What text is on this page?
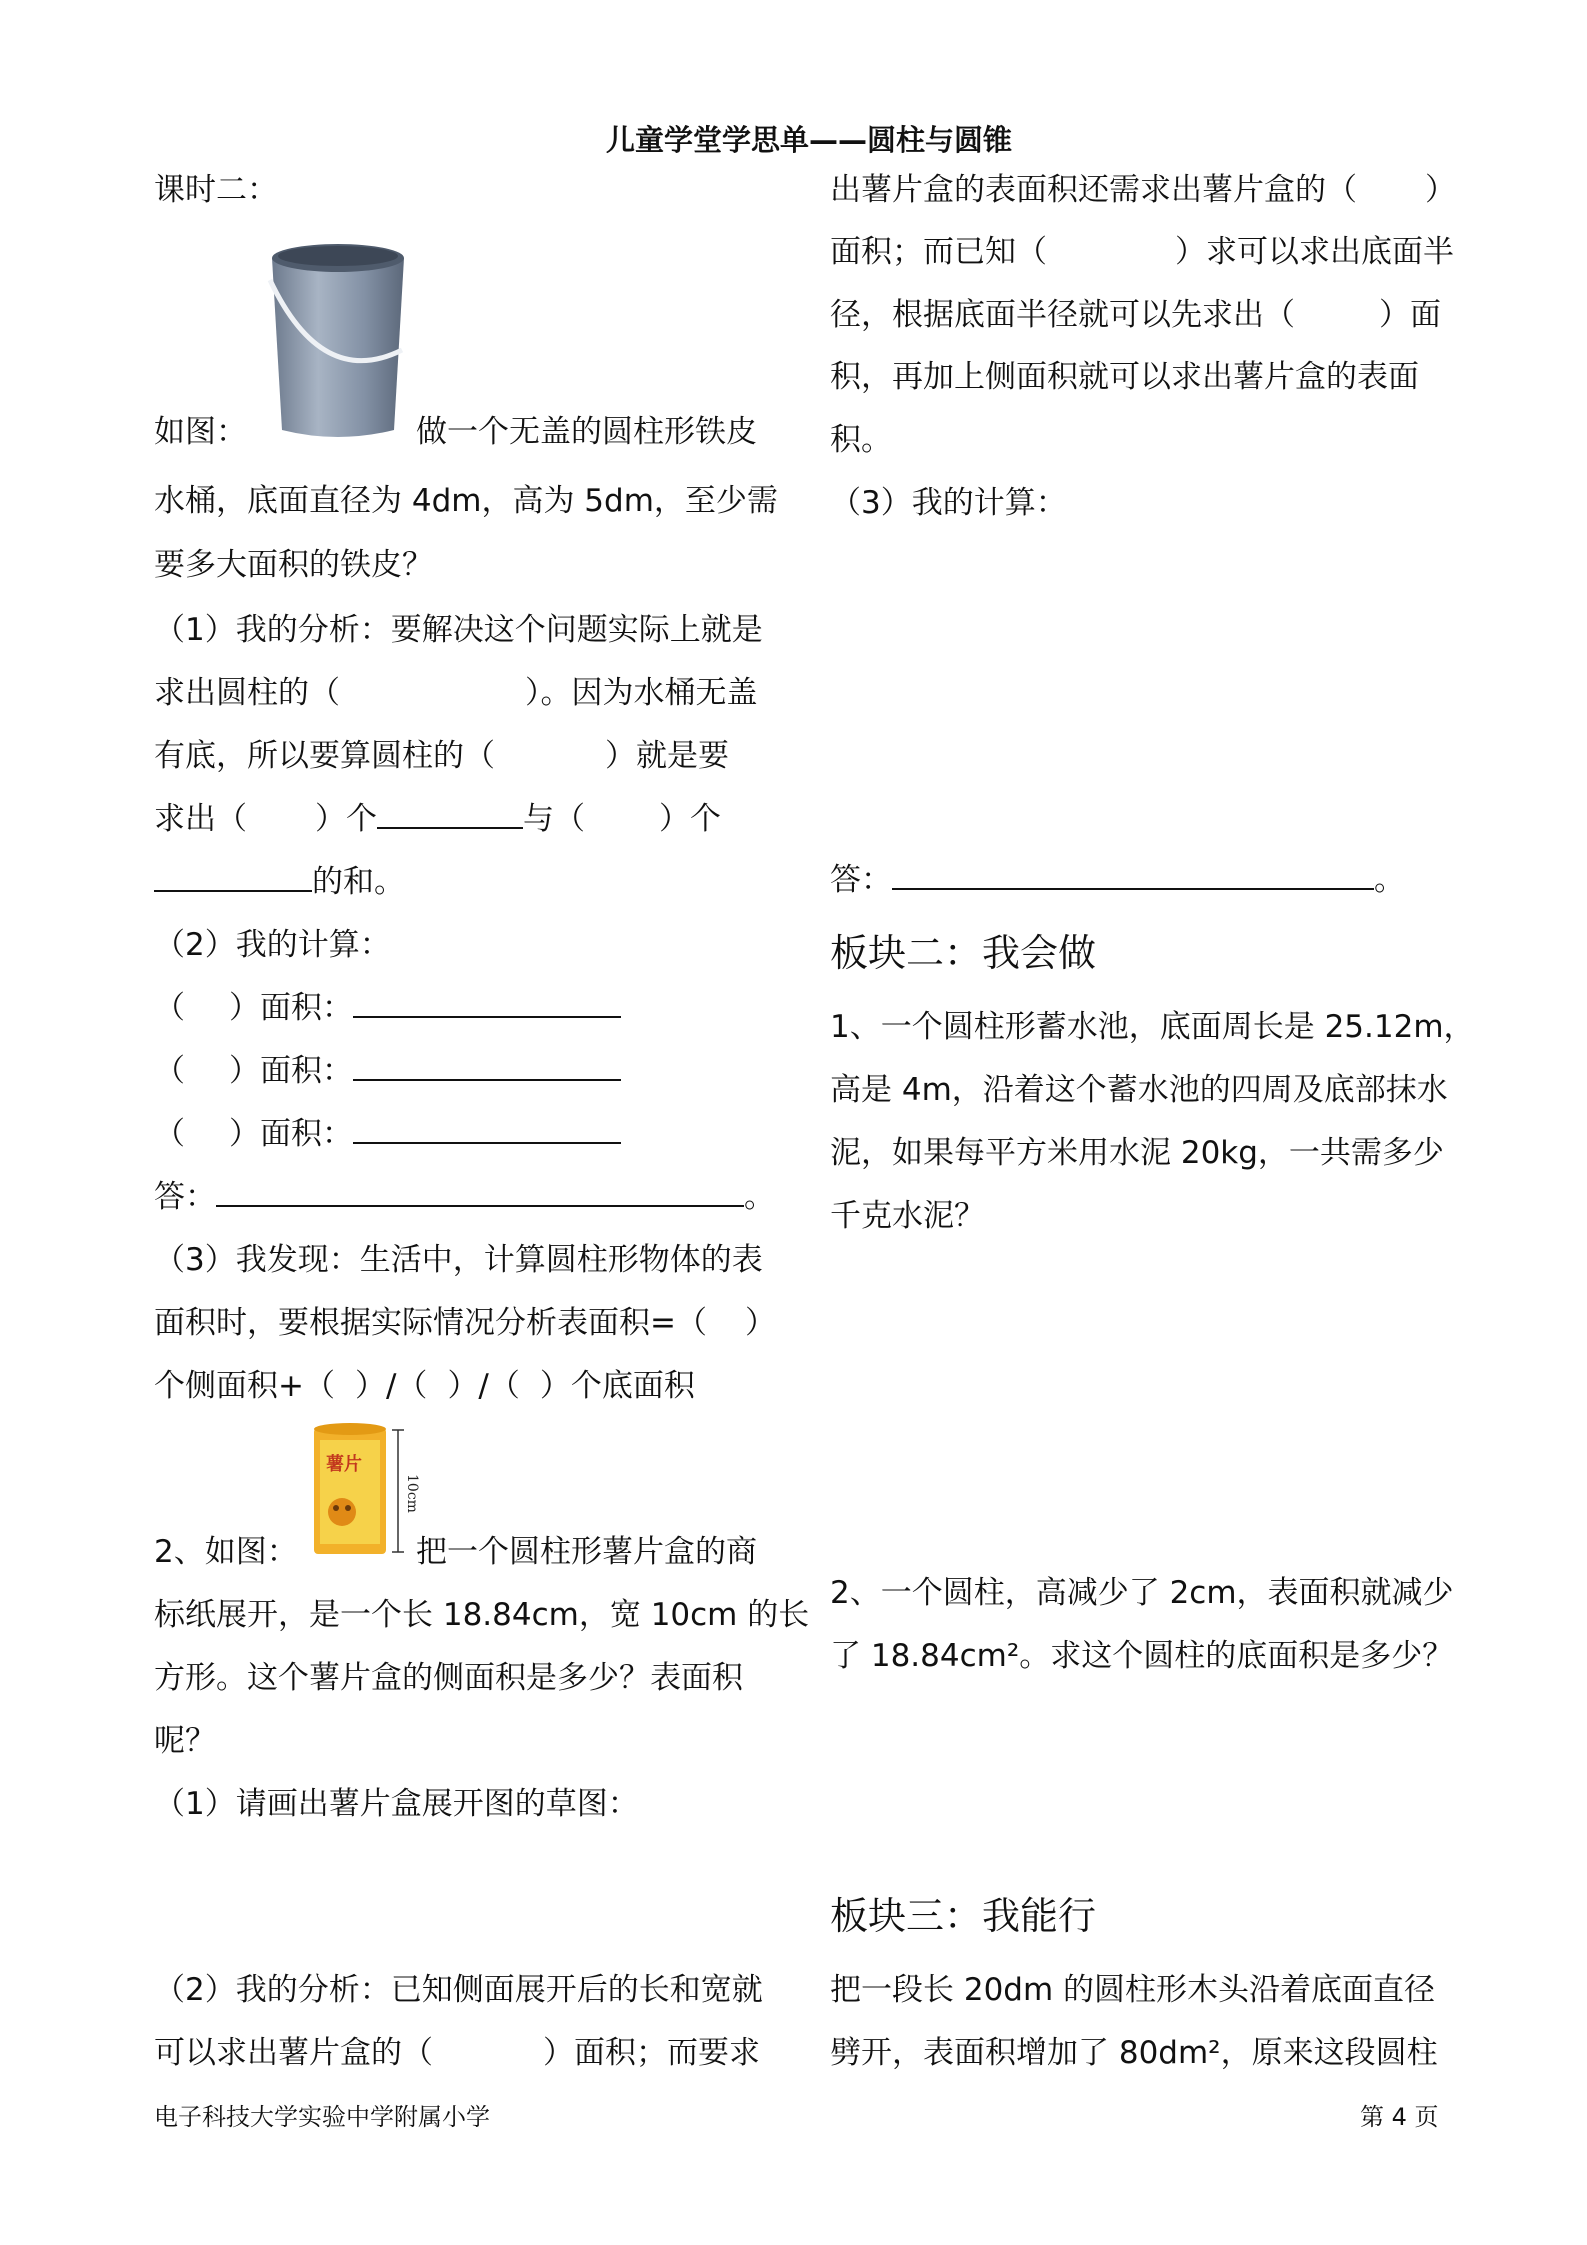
儿童学堂学思单——圆柱与圆锥
课时二：
如图：	做一个无盖的圆柱形铁皮
水桶，底面直径为 4dm，高为 5dm，至少需
要多大面积的铁皮？
（1）我的分析：要解决这个问题实际上就是
求出圆柱的（	）。因为水桶无盖
有底，所以要算圆柱的（	）就是要
求出（ ）个	与（ ）个
的和。
（2）我的计算：
（ ）面积：
（ ）面积：
（ ）面积：
答：	。
（3）我发现：生活中，计算圆柱形物体的表
面积时，要根据实际情况分析表面积=（ ）
个侧面积+（ ）/（ ）/（ ）个底面积
薯片
10cm
2、如图：	把一个圆柱形薯片盒的商
标纸展开，是一个长 18.84cm，宽 10cm 的长
方形。这个薯片盒的侧面积是多少？表面积
呢？
（1）请画出薯片盒展开图的草图：
（2）我的分析：已知侧面展开后的长和宽就
可以求出薯片盒的（	）面积；而要求
出薯片盒的表面积还需求出薯片盒的（ ）
面积；而已知（	）求可以求出底面半
径，根据底面半径就可以先求出（	）面
积，再加上侧面积就可以求出薯片盒的表面
积。
（3）我的计算：
答：	。
板块二：我会做
1、一个圆柱形蓄水池，底面周长是 25.12m，
高是 4m，沿着这个蓄水池的四周及底部抹水
泥，如果每平方米用水泥 20kg，一共需多少
千克水泥？
2、一个圆柱，高减少了 2cm，表面积就减少
了 18.84cm²。求这个圆柱的底面积是多少？
板块三：我能行
把一段长 20dm 的圆柱形木头沿着底面直径
劈开，表面积增加了 80dm²，原来这段圆柱
电子科技大学实验中学附属小学	第 4 页
